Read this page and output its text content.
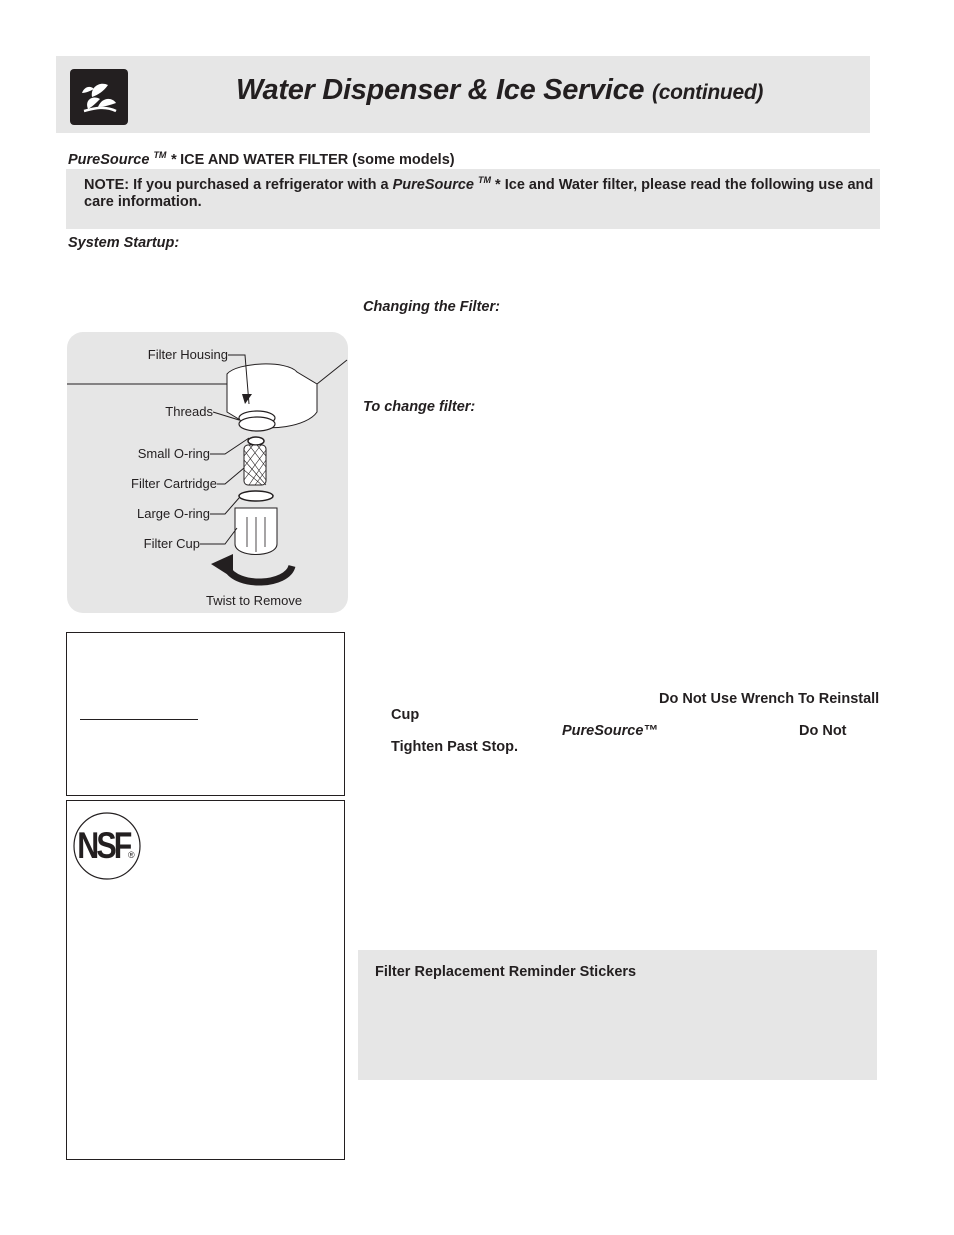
Water Dispenser & Ice Service (continued)
PureSource ™ * ICE AND WATER FILTER (some models)
NOTE: If you purchased a refrigerator with a PureSource ™ * Ice and Water filter, please read the following use and care information.
System Startup:
Changing the Filter:
To change filter:
Filter Housing
Threads
Small O-ring
Filter Cartridge
Large O-ring
Filter Cup
Twist to Remove
NSF
®
Do Not Use Wrench To Reinstall
Cup
PureSource™	Do Not
Tighten Past Stop.
Filter Replacement Reminder Stickers
